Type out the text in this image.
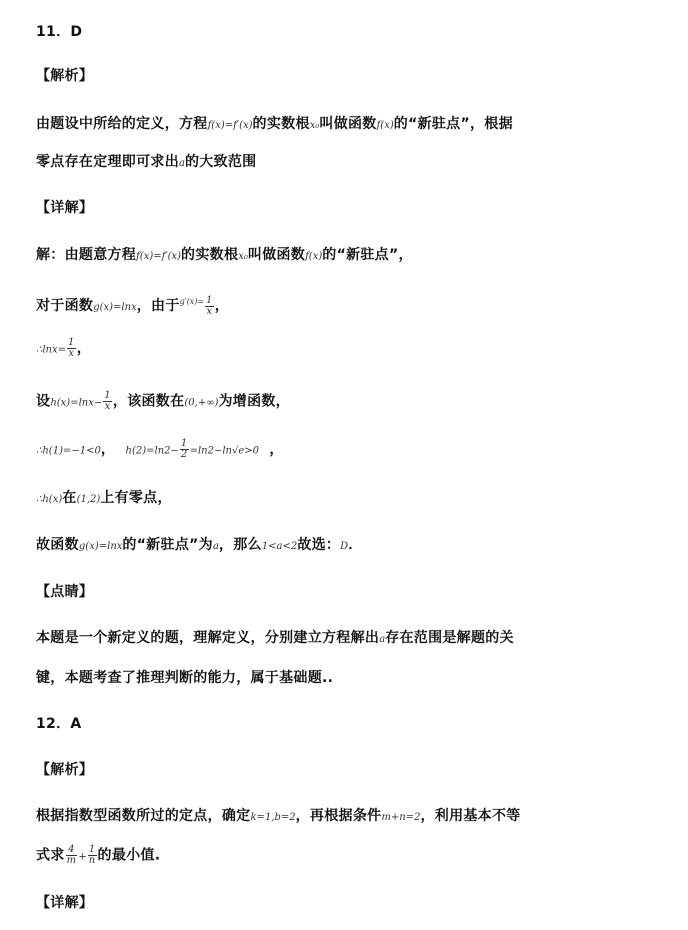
11．D
【解析】
由题设中所给的定义，方程f(x)=f′(x)的实数根x₀叫做函数f(x)的“新驻点”，根据
零点存在定理即可求出a的大致范围
【详解】
解：由题意方程f(x)=f′(x)的实数根x₀叫做函数f(x)的“新驻点”，
对于函数g(x)=lnx，由于$^{g'(x)=} \frac{1}{x}$ ，
∴lnx= $\frac{1}{x}$ ，
设$h(x)=\ln x- \frac{1}{x}$ ，该函数在(0,+∞)为增函数，
∴h(1)=−1<0， $h(2)=\ln 2- \frac{1}{2} =\ln 2-\ln√e>0$ ，
∴h(x)在(1,2)上有零点，
故函数g(x)=lnx的“新驻点”为a，那么1<a<2故选：D．
【点睛】
本题是一个新定义的题，理解定义，分别建立方程解出a存在范围是解题的关
键，本题考查了推理判断的能力，属于基础题..
12．A
【解析】
根据指数型函数所过的定点，确定k=1,b=2，再根据条件m+n=2，利用基本不等
式求 $\frac{4}{m} + \frac{1}{n}$ 的最小值.
【详解】
